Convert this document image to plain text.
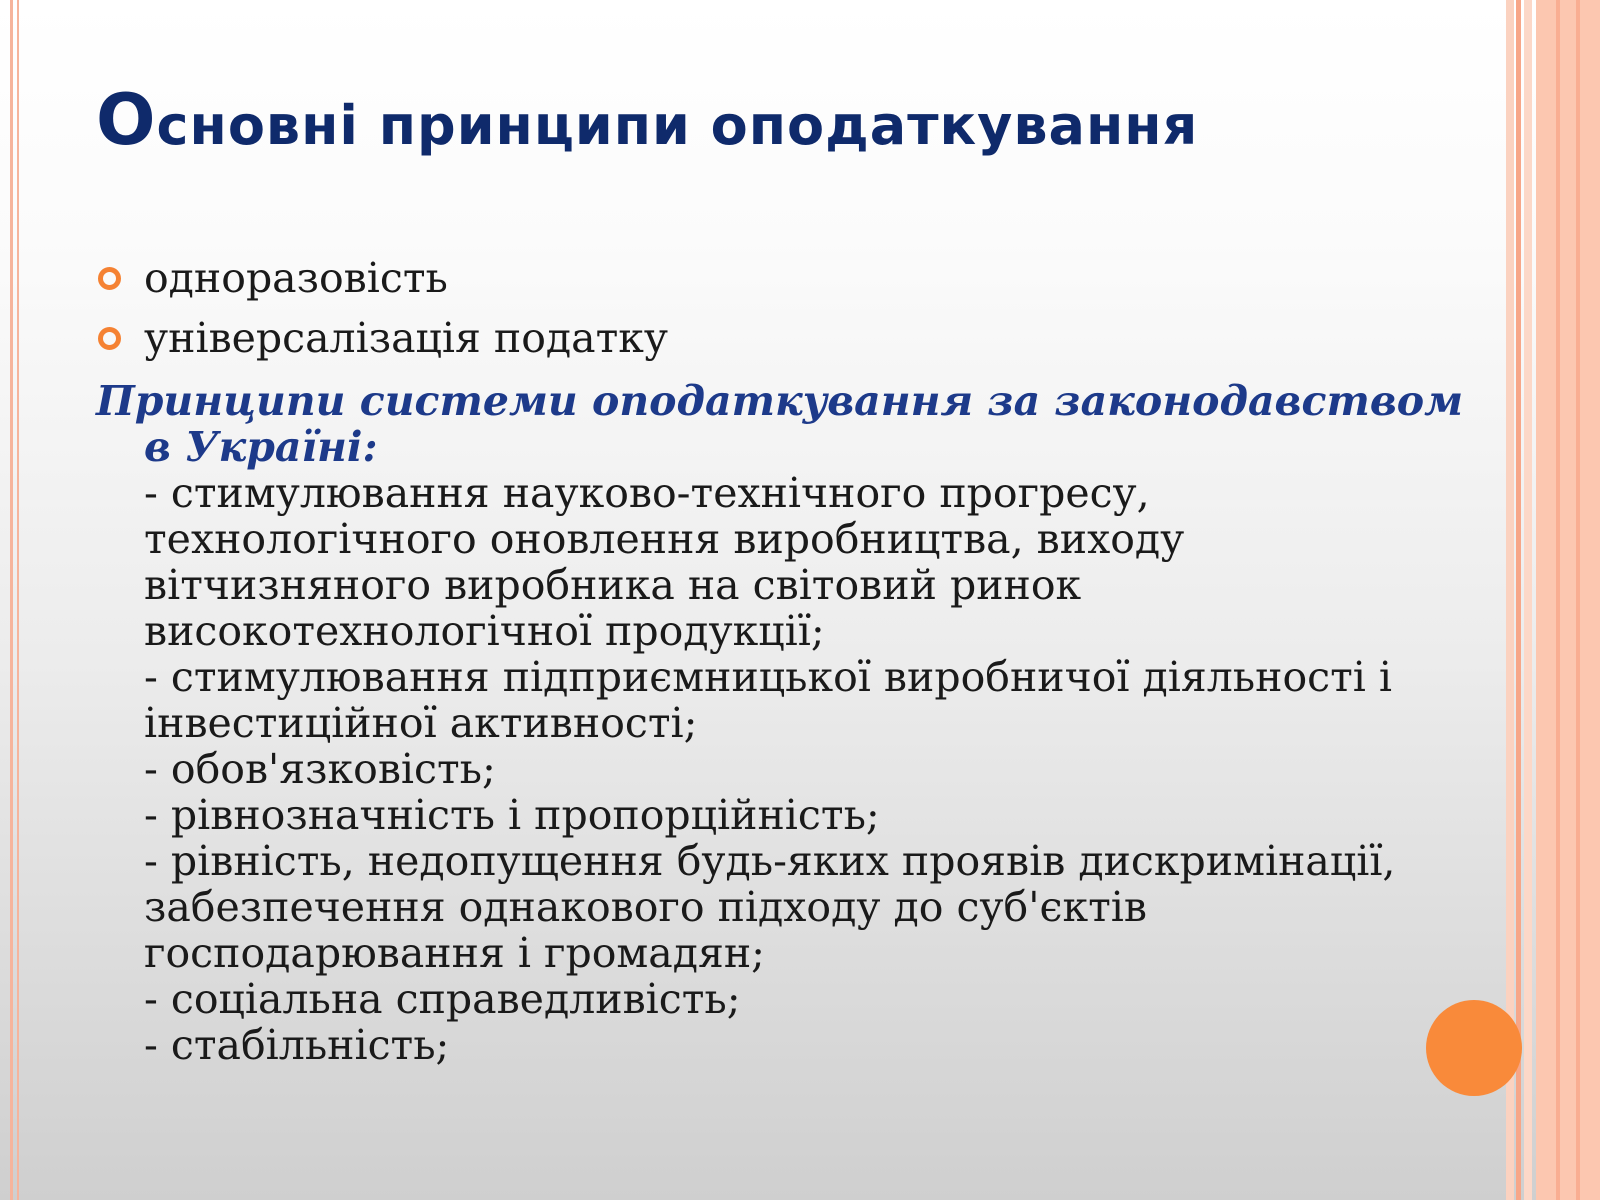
Основні принципи оподаткування
одноразовість
універсалізація податку
Принципи системи оподаткування за законодавством в Україні:
- стимулювання науково-технічного прогресу, технологічного оновлення виробництва, виходу вітчизняного виробника на світовий ринок високотехнологічної продукції;
- стимулювання підприємницької виробничої діяльності і інвестиційної активності;
- обов'язковість;
- рівнозначність і пропорційність;
- рівність, недопущення будь-яких проявів дискримінації, забезпечення однакового підходу до суб'єктів господарювання і громадян;
- соціальна справедливість;
- стабільність;
